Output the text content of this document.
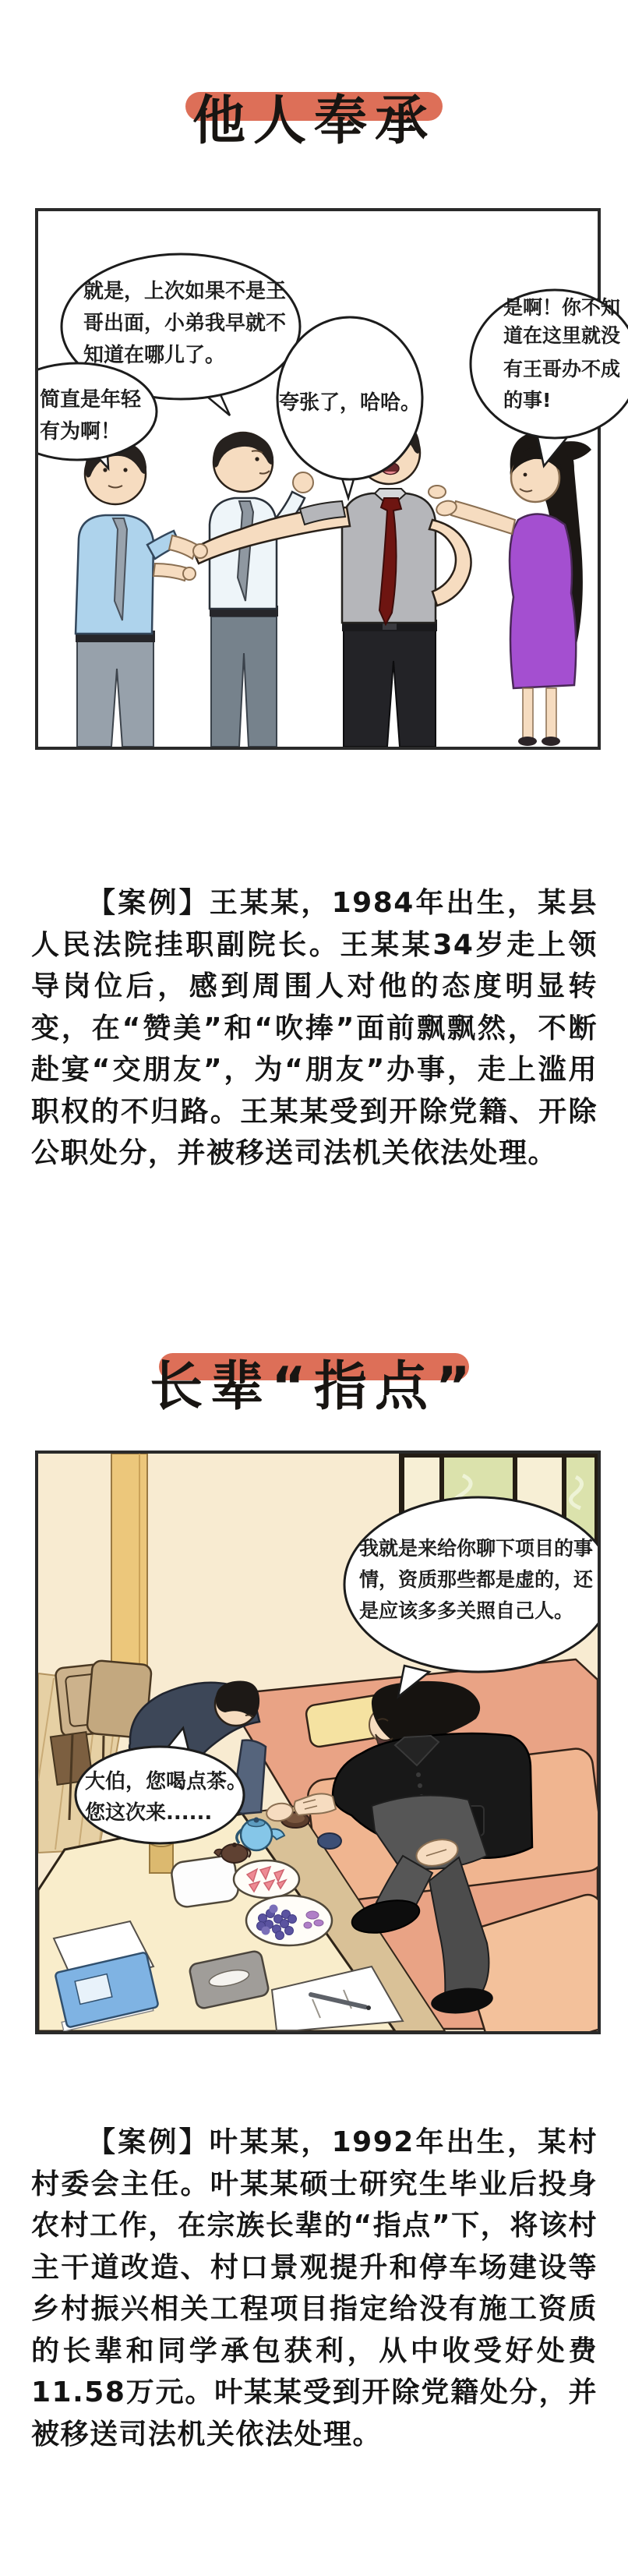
他人奉承
就是，上次如果不是王
哥出面，小弟我早就不
知道在哪儿了。
简直是年轻
有为啊！
夸张了，哈哈。
是啊！你不知
道在这里就没
有王哥办不成
的事!

【案例】王某某，1984年出生，某县人民法院挂职副院长。王某某34岁走上领导岗位后，感到周围人对他的态度明显转变，在“赞美”和“吹捧”面前飘飘然，不断赴宴“交朋友”，为“朋友”办事，走上滥用职权的不归路。王某某受到开除党籍、开除公职处分，并被移送司法机关依法处理。

长辈“指点”
我就是来给你聊下项目的事
情，资质那些都是虚的，还
是应该多多关照自己人。
大伯，您喝点茶。
您这次来......

【案例】叶某某，1992年出生，某村村委会主任。叶某某硕士研究生毕业后投身农村工作，在宗族长辈的“指点”下，将该村主干道改造、村口景观提升和停车场建设等乡村振兴相关工程项目指定给没有施工资质的长辈和同学承包获利，从中收受好处费11.58万元。叶某某受到开除党籍处分，并被移送司法机关依法处理。
